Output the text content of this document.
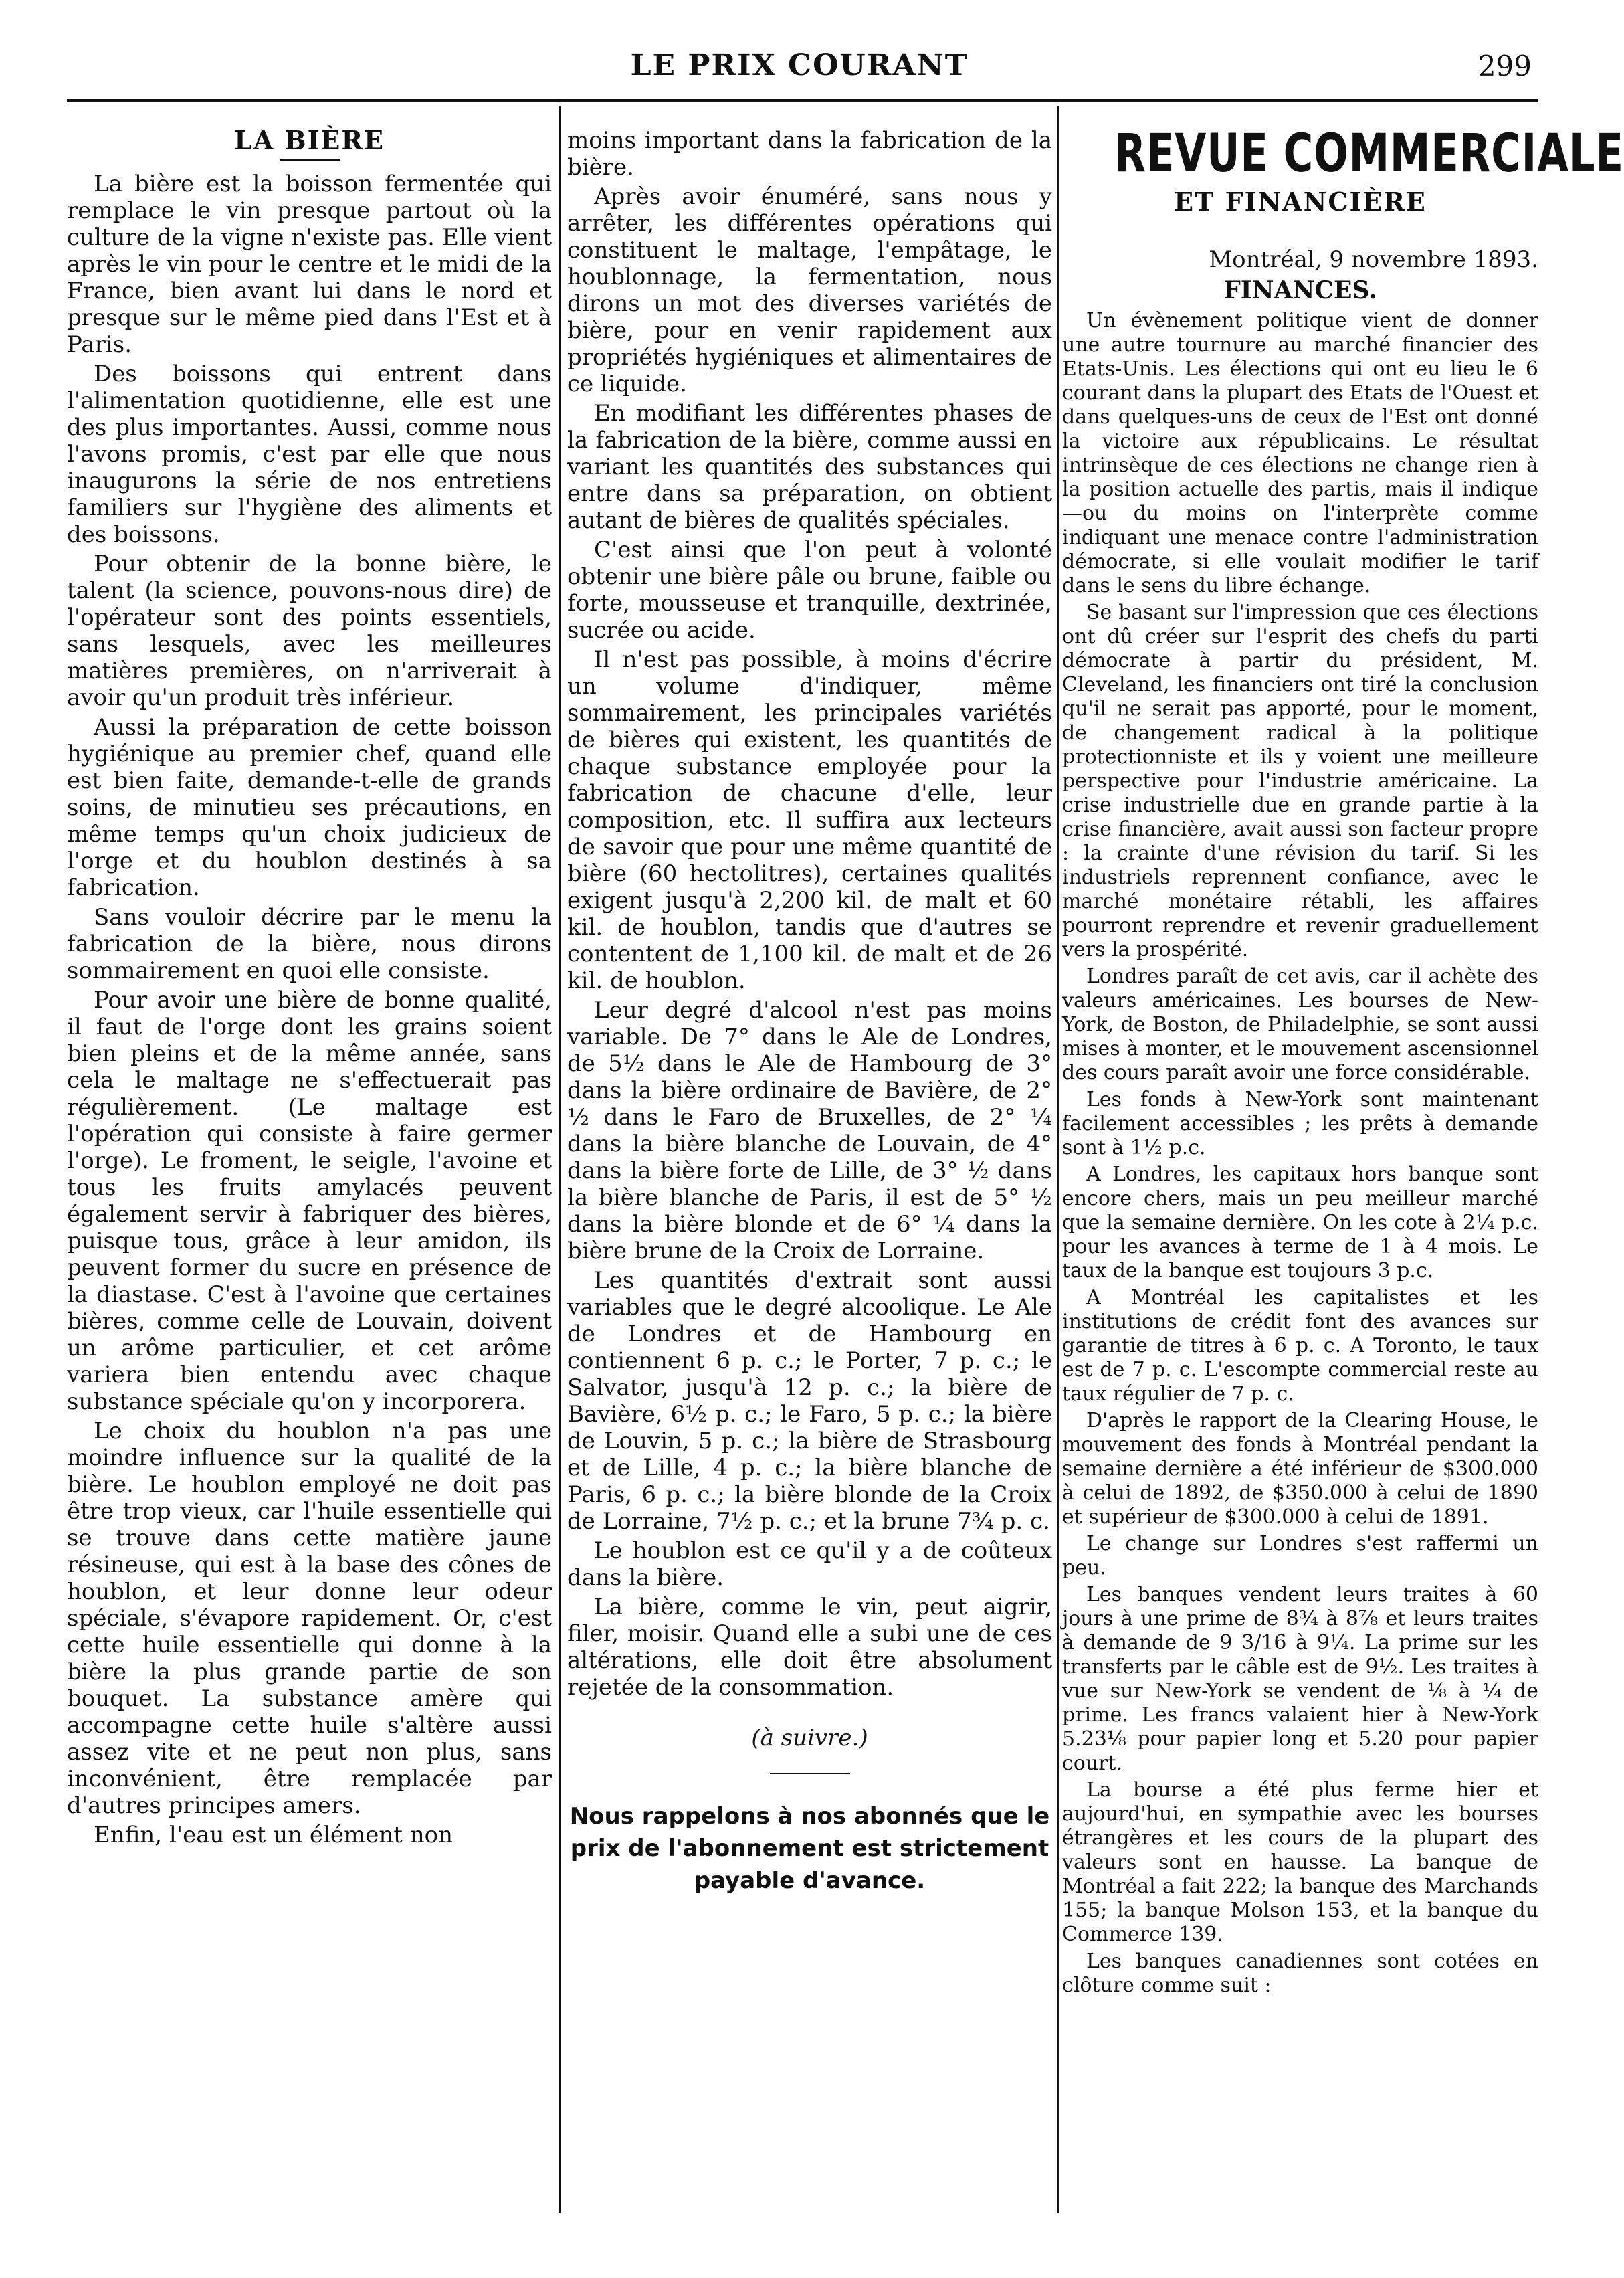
LE PRIX COURANT	299
LA BIÈRE

La bière est la boisson fermentée qui remplace le vin presque partout où la culture de la vigne n'existe pas. Elle vient après le vin pour le centre et le midi de la France, bien avant lui dans le nord et presque sur le même pied dans l'Est et à Paris.

Des boissons qui entrent dans l'alimentation quotidienne, elle est une des plus importantes. Aussi, comme nous l'avons promis, c'est par elle que nous inaugurons la série de nos entretiens familiers sur l'hygiène des aliments et des boissons.

Pour obtenir de la bonne bière, le talent (la science, pouvons-nous dire) de l'opérateur sont des points essentiels, sans lesquels, avec les meilleures matières premières, on n'arriverait à avoir qu'un produit très inférieur.

Aussi la préparation de cette boisson hygiénique au premier chef, quand elle est bien faite, demande-t-elle de grands soins, de minutieu ses précautions, en même temps qu'un choix judicieux de l'orge et du houblon destinés à sa fabrication.

Sans vouloir décrire par le menu la fabrication de la bière, nous dirons sommairement en quoi elle consiste.

Pour avoir une bière de bonne qualité, il faut de l'orge dont les grains soient bien pleins et de la même année, sans cela le maltage ne s'effectuerait pas régulièrement. (Le maltage est l'opération qui consiste à faire germer l'orge). Le froment, le seigle, l'avoine et tous les fruits amylacés peuvent également servir à fabriquer des bières, puisque tous, grâce à leur amidon, ils peuvent former du sucre en présence de la diastase. C'est à l'avoine que certaines bières, comme celle de Louvain, doivent un arôme particulier, et cet arôme variera bien entendu avec chaque substance spéciale qu'on y incorporera.

Le choix du houblon n'a pas une moindre influence sur la qualité de la bière. Le houblon employé ne doit pas être trop vieux, car l'huile essentielle qui se trouve dans cette matière jaune résineuse, qui est à la base des cônes de houblon, et leur donne leur odeur spéciale, s'évapore rapidement. Or, c'est cette huile essentielle qui donne à la bière la plus grande partie de son bouquet. La substance amère qui accompagne cette huile s'altère aussi assez vite et ne peut non plus, sans inconvénient, être remplacée par d'autres principes amers.

Enfin, l'eau est un élément non

moins important dans la fabrication de la bière.

Après avoir énuméré, sans nous y arrêter, les différentes opérations qui constituent le maltage, l'empâtage, le houblonnage, la fermentation, nous dirons un mot des diverses variétés de bière, pour en venir rapidement aux propriétés hygiéniques et alimentaires de ce liquide.

En modifiant les différentes phases de la fabrication de la bière, comme aussi en variant les quantités des substances qui entre dans sa préparation, on obtient autant de bières de qualités spéciales.

C'est ainsi que l'on peut à volonté obtenir une bière pâle ou brune, faible ou forte, mousseuse et tranquille, dextrinée, sucrée ou acide.

Il n'est pas possible, à moins d'écrire un volume d'indiquer, même sommairement, les principales variétés de bières qui existent, les quantités de chaque substance employée pour la fabrication de chacune d'elle, leur composition, etc. Il suffira aux lecteurs de savoir que pour une même quantité de bière (60 hectolitres), certaines qualités exigent jusqu'à 2,200 kil. de malt et 60 kil. de houblon, tandis que d'autres se contentent de 1,100 kil. de malt et de 26 kil. de houblon.

Leur degré d'alcool n'est pas moins variable. De 7° dans le Ale de Londres, de 5½ dans le Ale de Hambourg de 3° dans la bière ordinaire de Bavière, de 2° ½ dans le Faro de Bruxelles, de 2° ¼ dans la bière blanche de Louvain, de 4° dans la bière forte de Lille, de 3° ½ dans la bière blanche de Paris, il est de 5° ½ dans la bière blonde et de 6° ¼ dans la bière brune de la Croix de Lorraine.

Les quantités d'extrait sont aussi variables que le degré alcoolique. Le Ale de Londres et de Hambourg en contiennent 6 p. c.; le Porter, 7 p. c.; le Salvator, jusqu'à 12 p. c.; la bière de Bavière, 6½ p. c.; le Faro, 5 p. c.; la bière de Louvin, 5 p. c.; la bière de Strasbourg et de Lille, 4 p. c.; la bière blanche de Paris, 6 p. c.; la bière blonde de la Croix de Lorraine, 7½ p. c.; et la brune 7¾ p. c.

Le houblon est ce qu'il y a de coûteux dans la bière.

La bière, comme le vin, peut aigrir, filer, moisir. Quand elle a subi une de ces altérations, elle doit être absolument rejetée de la consommation.

(à suivre.)
Nous rappelons à nos abonnés que le prix de l'abonnement est strictement payable d'avance.
REVUE COMMERCIALE
ET FINANCIÈRE
Montréal, 9 novembre 1893.
FINANCES.

Un évènement politique vient de donner une autre tournure au marché financier des Etats-Unis. Les élections qui ont eu lieu le 6 courant dans la plupart des Etats de l'Ouest et dans quelques-uns de ceux de l'Est ont donné la victoire aux républicains. Le résultat intrinsèque de ces élections ne change rien à la position actuelle des partis, mais il indique—ou du moins on l'interprète comme indiquant une menace contre l'administration démocrate, si elle voulait modifier le tarif dans le sens du libre échange.

Se basant sur l'impression que ces élections ont dû créer sur l'esprit des chefs du parti démocrate à partir du président, M. Cleveland, les financiers ont tiré la conclusion qu'il ne serait pas apporté, pour le moment, de changement radical à la politique protectionniste et ils y voient une meilleure perspective pour l'industrie américaine. La crise industrielle due en grande partie à la crise financière, avait aussi son facteur propre : la crainte d'une révision du tarif. Si les industriels reprennent confiance, avec le marché monétaire rétabli, les affaires pourront reprendre et revenir graduellement vers la prospérité.

Londres paraît de cet avis, car il achète des valeurs américaines. Les bourses de New-York, de Boston, de Philadelphie, se sont aussi mises à monter, et le mouvement ascensionnel des cours paraît avoir une force considérable.

Les fonds à New-York sont maintenant facilement accessibles ; les prêts à demande sont à 1½ p.c.

A Londres, les capitaux hors banque sont encore chers, mais un peu meilleur marché que la semaine dernière. On les cote à 2¼ p.c. pour les avances à terme de 1 à 4 mois. Le taux de la banque est toujours 3 p.c.

A Montréal les capitalistes et les institutions de crédit font des avances sur garantie de titres à 6 p. c. A Toronto, le taux est de 7 p. c. L'escompte commercial reste au taux régulier de 7 p. c.

D'après le rapport de la Clearing House, le mouvement des fonds à Montréal pendant la semaine dernière a été inférieur de $300.000 à celui de 1892, de $350.000 à celui de 1890 et supérieur de $300.000 à celui de 1891.

Le change sur Londres s'est raffermi un peu.

Les banques vendent leurs traites à 60 jours à une prime de 8¾ à 8⅞ et leurs traites à demande de 9 3/16 à 9¼. La prime sur les transferts par le câble est de 9½. Les traites à vue sur New-York se vendent de ⅛ à ¼ de prime. Les francs valaient hier à New-York 5.23⅛ pour papier long et 5.20 pour papier court.

La bourse a été plus ferme hier et aujourd'hui, en sympathie avec les bourses étrangères et les cours de la plupart des valeurs sont en hausse. La banque de Montréal a fait 222; la banque des Marchands 155; la banque Molson 153, et la banque du Commerce 139.

Les banques canadiennes sont cotées en clôture comme suit :
